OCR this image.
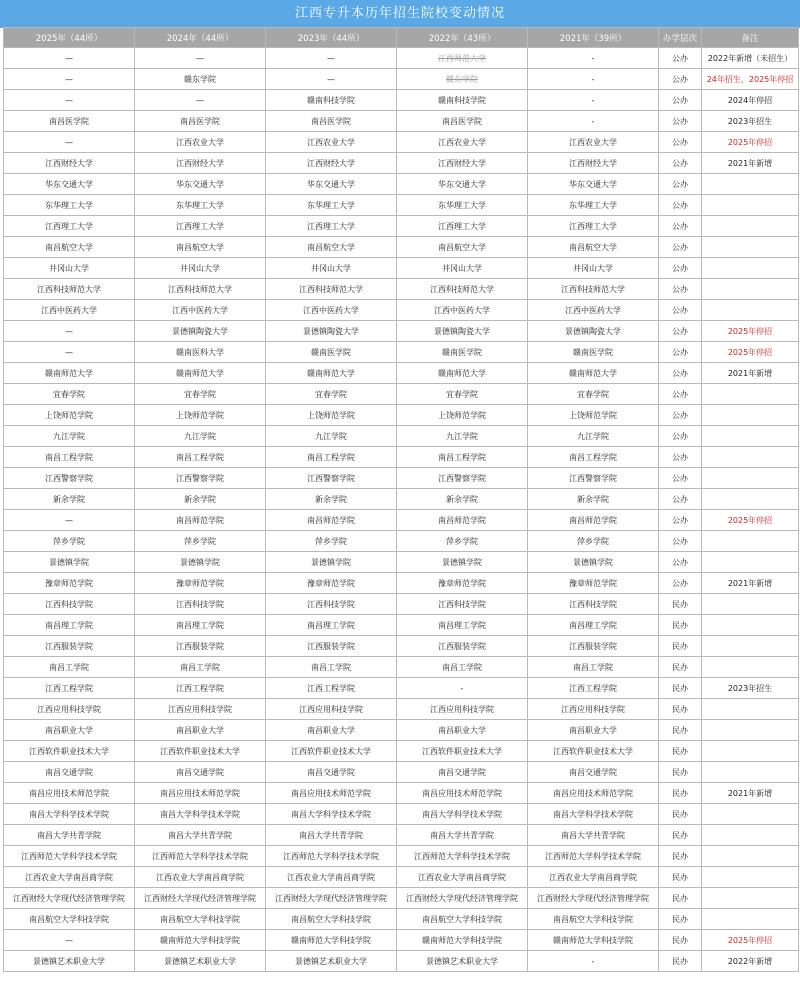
江西专升本历年招生院校变动情况
2025年（44所）	2024年（44所）	2023年（44所）	2022年（43所）	2021年（39所）	办学层次	备注
—	—	—	江西师范大学	-	公办	2022年新增（未招生）
—	赣东学院	—	赣东学院	-	公办	24年招生，2025年停招
—	—	赣南科技学院	赣南科技学院	-	公办	2024年停招
南昌医学院	南昌医学院	南昌医学院	南昌医学院	-	公办	2023年招生
—	江西农业大学	江西农业大学	江西农业大学	江西农业大学	公办	2025年停招
江西财经大学	江西财经大学	江西财经大学	江西财经大学	江西财经大学	公办	2021年新增
华东交通大学	华东交通大学	华东交通大学	华东交通大学	华东交通大学	公办	
东华理工大学	东华理工大学	东华理工大学	东华理工大学	东华理工大学	公办	
江西理工大学	江西理工大学	江西理工大学	江西理工大学	江西理工大学	公办	
南昌航空大学	南昌航空大学	南昌航空大学	南昌航空大学	南昌航空大学	公办	
井冈山大学	井冈山大学	井冈山大学	井冈山大学	井冈山大学	公办	
江西科技师范大学	江西科技师范大学	江西科技师范大学	江西科技师范大学	江西科技师范大学	公办	
江西中医药大学	江西中医药大学	江西中医药大学	江西中医药大学	江西中医药大学	公办	
—	景德镇陶瓷大学	景德镇陶瓷大学	景德镇陶瓷大学	景德镇陶瓷大学	公办	2025年停招
—	赣南医科大学	赣南医学院	赣南医学院	赣南医学院	公办	2025年停招
赣南师范大学	赣南师范大学	赣南师范大学	赣南师范大学	赣南师范大学	公办	2021年新增
宜春学院	宜春学院	宜春学院	宜春学院	宜春学院	公办	
上饶师范学院	上饶师范学院	上饶师范学院	上饶师范学院	上饶师范学院	公办	
九江学院	九江学院	九江学院	九江学院	九江学院	公办	
南昌工程学院	南昌工程学院	南昌工程学院	南昌工程学院	南昌工程学院	公办	
江西警察学院	江西警察学院	江西警察学院	江西警察学院	江西警察学院	公办	
新余学院	新余学院	新余学院	新余学院	新余学院	公办	
—	南昌师范学院	南昌师范学院	南昌师范学院	南昌师范学院	公办	2025年停招
萍乡学院	萍乡学院	萍乡学院	萍乡学院	萍乡学院	公办	
景德镇学院	景德镇学院	景德镇学院	景德镇学院	景德镇学院	公办	
豫章师范学院	豫章师范学院	豫章师范学院	豫章师范学院	豫章师范学院	公办	2021年新增
江西科技学院	江西科技学院	江西科技学院	江西科技学院	江西科技学院	民办	
南昌理工学院	南昌理工学院	南昌理工学院	南昌理工学院	南昌理工学院	民办	
江西服装学院	江西服装学院	江西服装学院	江西服装学院	江西服装学院	民办	
南昌工学院	南昌工学院	南昌工学院	南昌工学院	南昌工学院	民办	
江西工程学院	江西工程学院	江西工程学院	-	江西工程学院	民办	2023年招生
江西应用科技学院	江西应用科技学院	江西应用科技学院	江西应用科技学院	江西应用科技学院	民办	
南昌职业大学	南昌职业大学	南昌职业大学	南昌职业大学	南昌职业大学	民办	
江西软件职业技术大学	江西软件职业技术大学	江西软件职业技术大学	江西软件职业技术大学	江西软件职业技术大学	民办	
南昌交通学院	南昌交通学院	南昌交通学院	南昌交通学院	南昌交通学院	民办	
南昌应用技术师范学院	南昌应用技术师范学院	南昌应用技术师范学院	南昌应用技术师范学院	南昌应用技术师范学院	民办	2021年新增
南昌大学科学技术学院	南昌大学科学技术学院	南昌大学科学技术学院	南昌大学科学技术学院	南昌大学科学技术学院	民办	
南昌大学共青学院	南昌大学共青学院	南昌大学共青学院	南昌大学共青学院	南昌大学共青学院	民办	
江西师范大学科学技术学院	江西师范大学科学技术学院	江西师范大学科学技术学院	江西师范大学科学技术学院	江西师范大学科学技术学院	民办	
江西农业大学南昌商学院	江西农业大学南昌商学院	江西农业大学南昌商学院	江西农业大学南昌商学院	江西农业大学南昌商学院	民办	
江西财经大学现代经济管理学院	江西财经大学现代经济管理学院	江西财经大学现代经济管理学院	江西财经大学现代经济管理学院	江西财经大学现代经济管理学院	民办	
南昌航空大学科技学院	南昌航空大学科技学院	南昌航空大学科技学院	南昌航空大学科技学院	南昌航空大学科技学院	民办	
—	赣南师范大学科技学院	赣南师范大学科技学院	赣南师范大学科技学院	赣南师范大学科技学院	民办	2025年停招
景德镇艺术职业大学	景德镇艺术职业大学	景德镇艺术职业大学	景德镇艺术职业大学	-	民办	2022年新增
